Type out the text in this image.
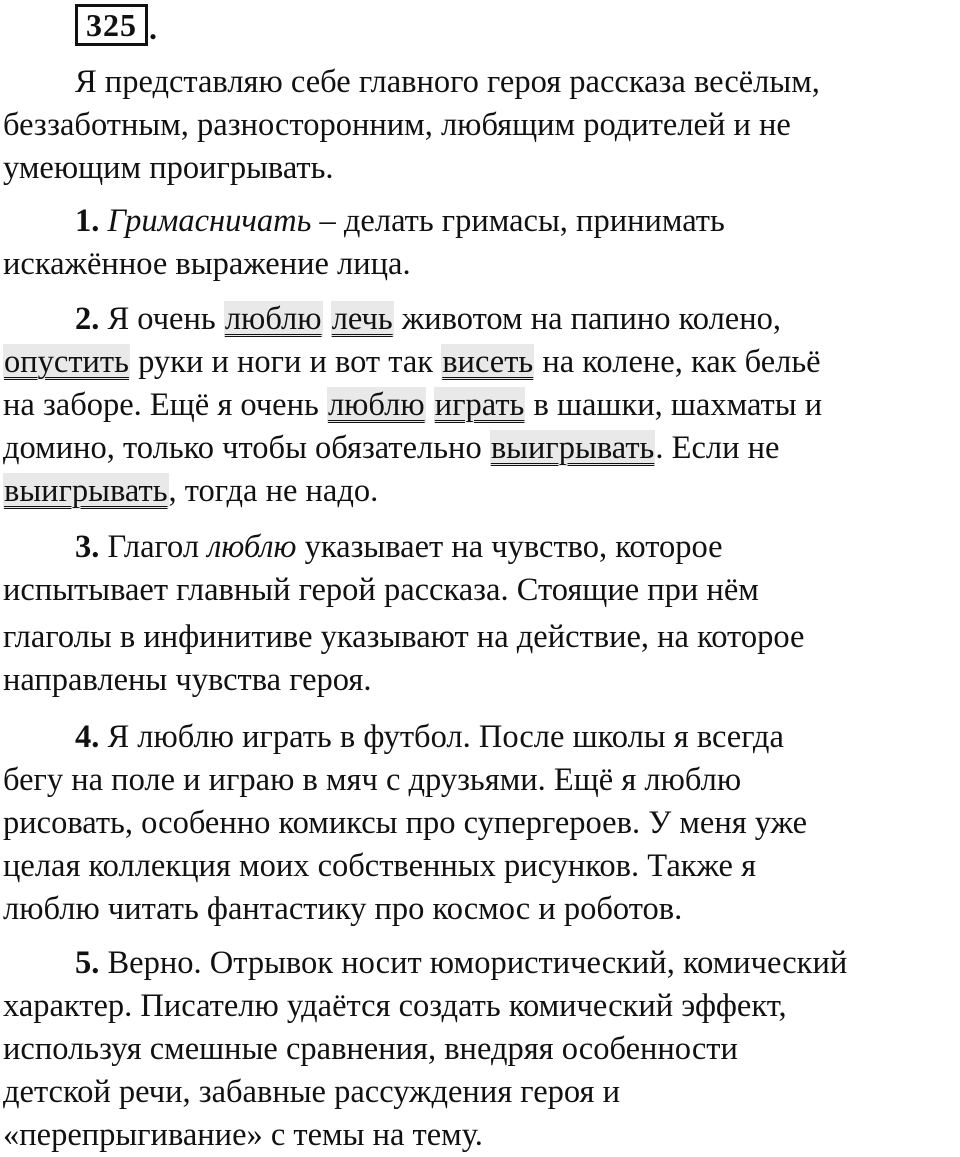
325 .
Я представляю себе главного героя рассказа весёлым,
беззаботным, разносторонним, любящим родителей и не
умеющим проигрывать.
1. Гримасничать – делать гримасы, принимать
искажённое выражение лица.
2. Я очень люблю лечь животом на папино колено,
опустить руки и ноги и вот так висеть на колене, как бельё
на заборе. Ещё я очень люблю играть в шашки, шахматы и
домино, только чтобы обязательно выигрывать. Если не
выигрывать, тогда не надо.
3. Глагол люблю указывает на чувство, которое
испытывает главный герой рассказа. Стоящие при нём
глаголы в инфинитиве указывают на действие, на которое
направлены чувства героя.
4. Я люблю играть в футбол. После школы я всегда
бегу на поле и играю в мяч с друзьями. Ещё я люблю
рисовать, особенно комиксы про супергероев. У меня уже
целая коллекция моих собственных рисунков. Также я
люблю читать фантастику про космос и роботов.
5. Верно. Отрывок носит юмористический, комический
характер. Писателю удаётся создать комический эффект,
используя смешные сравнения, внедряя особенности
детской речи, забавные рассуждения героя и
«перепрыгивание» с темы на тему.
